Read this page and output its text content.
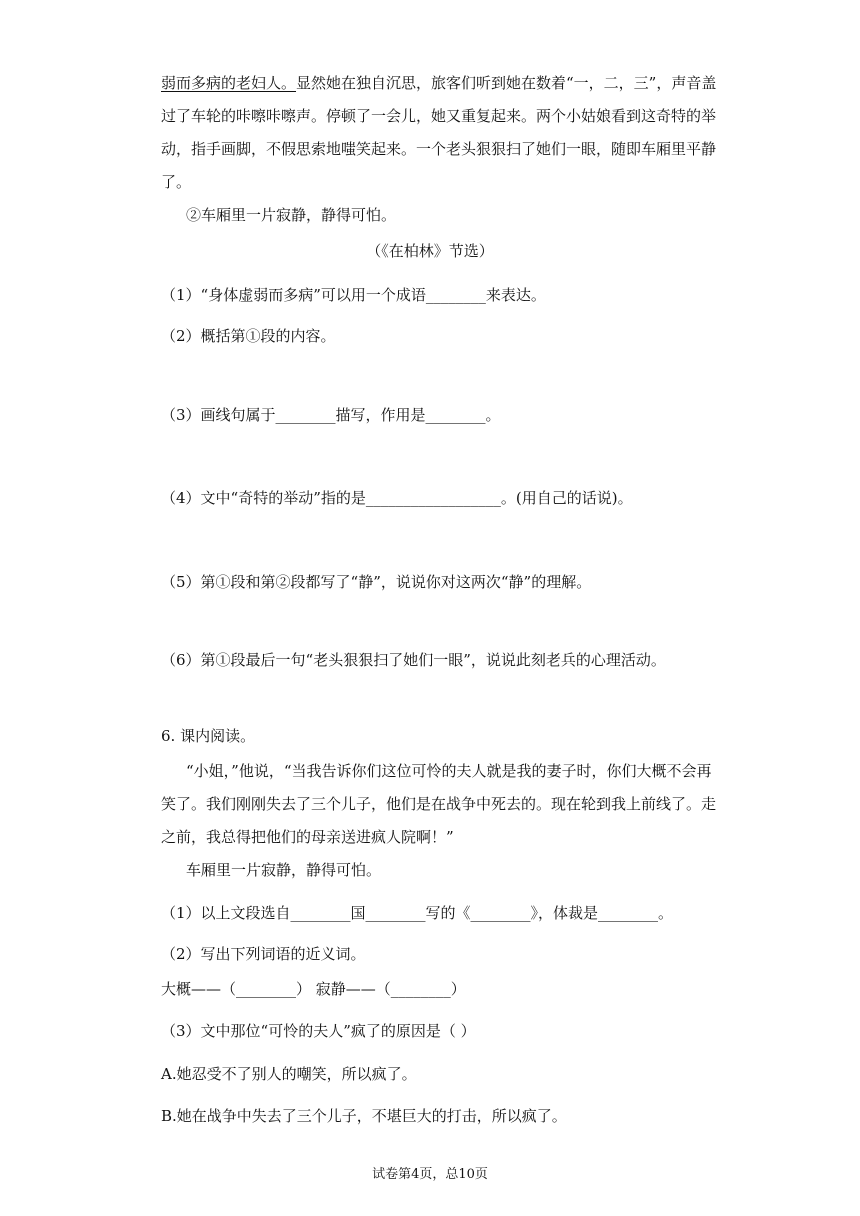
弱而多病的老妇人。显然她在独自沉思，旅客们听到她在数着“一，二，三”，声音盖
过了车轮的咔嚓咔嚓声。停顿了一会儿，她又重复起来。两个小姑娘看到这奇特的举
动，指手画脚，不假思索地嗤笑起来。一个老头狠狠扫了她们一眼，随即车厢里平静
了。
②车厢里一片寂静，静得可怕。
（《在柏林》节选）
（1）“身体虚弱而多病”可以用一个成语________来表达。
（2）概括第①段的内容。
（3）画线句属于________描写，作用是________。
（4）文中“奇特的举动”指的是__________________。(用自己的话说)。
（5）第①段和第②段都写了“静”，说说你对这两次“静”的理解。
（6）第①段最后一句“老头狠狠扫了她们一眼”，说说此刻老兵的心理活动。
6. 课内阅读。
“小姐，”他说，“当我告诉你们这位可怜的夫人就是我的妻子时，你们大概不会再
笑了。我们刚刚失去了三个儿子，他们是在战争中死去的。现在轮到我上前线了。走
之前，我总得把他们的母亲送进疯人院啊！”
车厢里一片寂静，静得可怕。
（1）以上文段选自________国________写的《________》，体裁是________。
（2）写出下列词语的近义词。
大概——（________） 寂静——（________）
（3）文中那位“可怜的夫人”疯了的原因是（ ）
A.她忍受不了别人的嘲笑，所以疯了。
B.她在战争中失去了三个儿子，不堪巨大的打击，所以疯了。
试卷第4页，总10页
